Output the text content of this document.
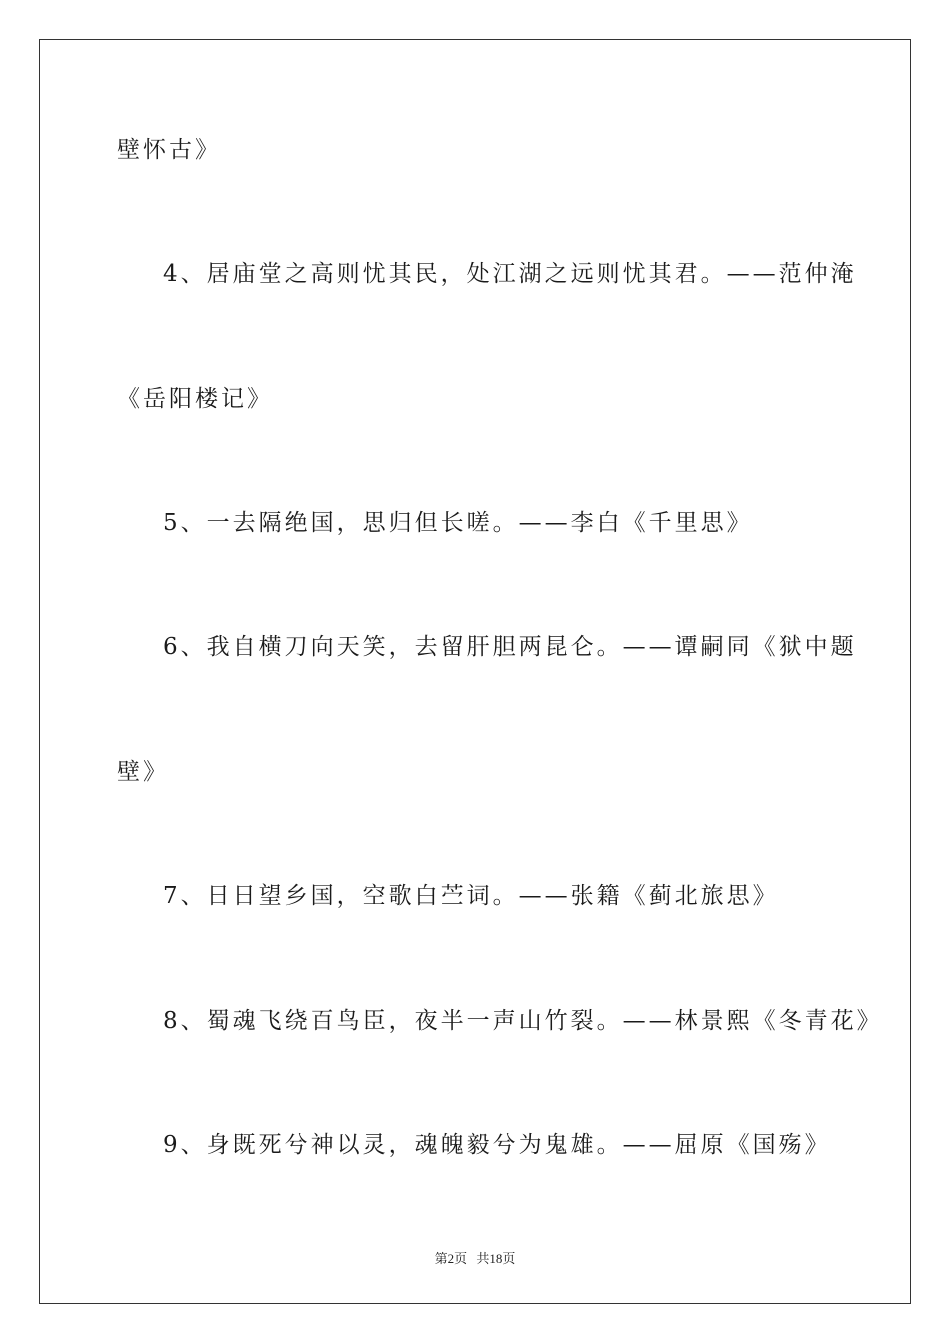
壁怀古》
4、居庙堂之高则忧其民，处江湖之远则忧其君。——范仲淹
《岳阳楼记》
5、一去隔绝国，思归但长嗟。——李白《千里思》
6、我自横刀向天笑，去留肝胆两昆仑。——谭嗣同《狱中题
壁》
7、日日望乡国，空歌白苎词。——张籍《蓟北旅思》
8、蜀魂飞绕百鸟臣，夜半一声山竹裂。——林景熙《冬青花》
9、身既死兮神以灵，魂魄毅兮为鬼雄。——屈原《国殇》
第2页 共18页
